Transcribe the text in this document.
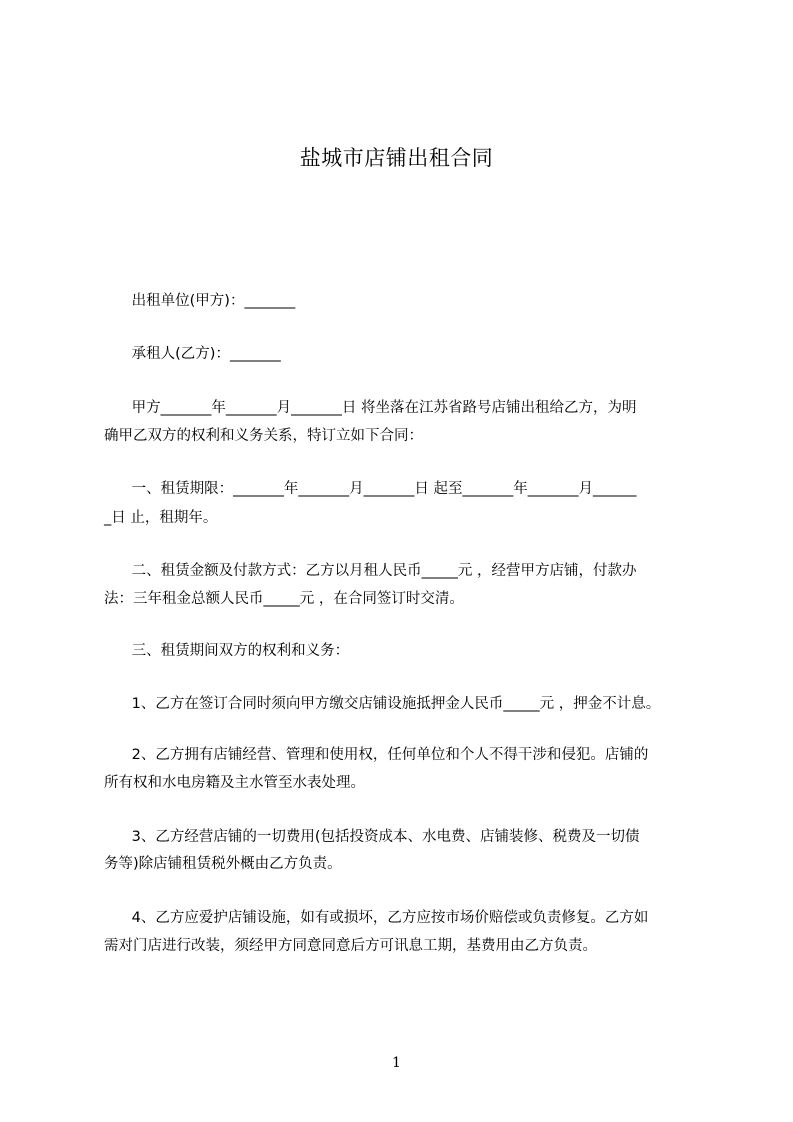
盐城市店铺出租合同

出租单位(甲方)：_______

承租人(乙方)：_______

甲方_______年_______月_______日 将坐落在江苏省路号店铺出租给乙方，为明

确甲乙双方的权利和义务关系，特订立如下合同：

一、租赁期限：_______年_______月_______日 起至_______年_______月______

_日 止，租期年。

二、租赁金额及付款方式：乙方以月租人民币_____元 ，经营甲方店铺，付款办

法：三年租金总额人民币_____元 ，在合同签订时交清。

三、租赁期间双方的权利和义务：

1、乙方在签订合同时须向甲方缴交店铺设施抵押金人民币_____元 ，押金不计息。

2、乙方拥有店铺经营、管理和使用权，任何单位和个人不得干涉和侵犯。店铺的

所有权和水电房籍及主水管至水表处理。

3、乙方经营店铺的一切费用(包括投资成本、水电费、店铺装修、税费及一切债

务等)除店铺租赁税外概由乙方负责。

4、乙方应爱护店铺设施，如有或损坏，乙方应按市场价赔偿或负责修复。乙方如

需对门店进行改装，须经甲方同意同意后方可讯息工期，基费用由乙方负责。

1
